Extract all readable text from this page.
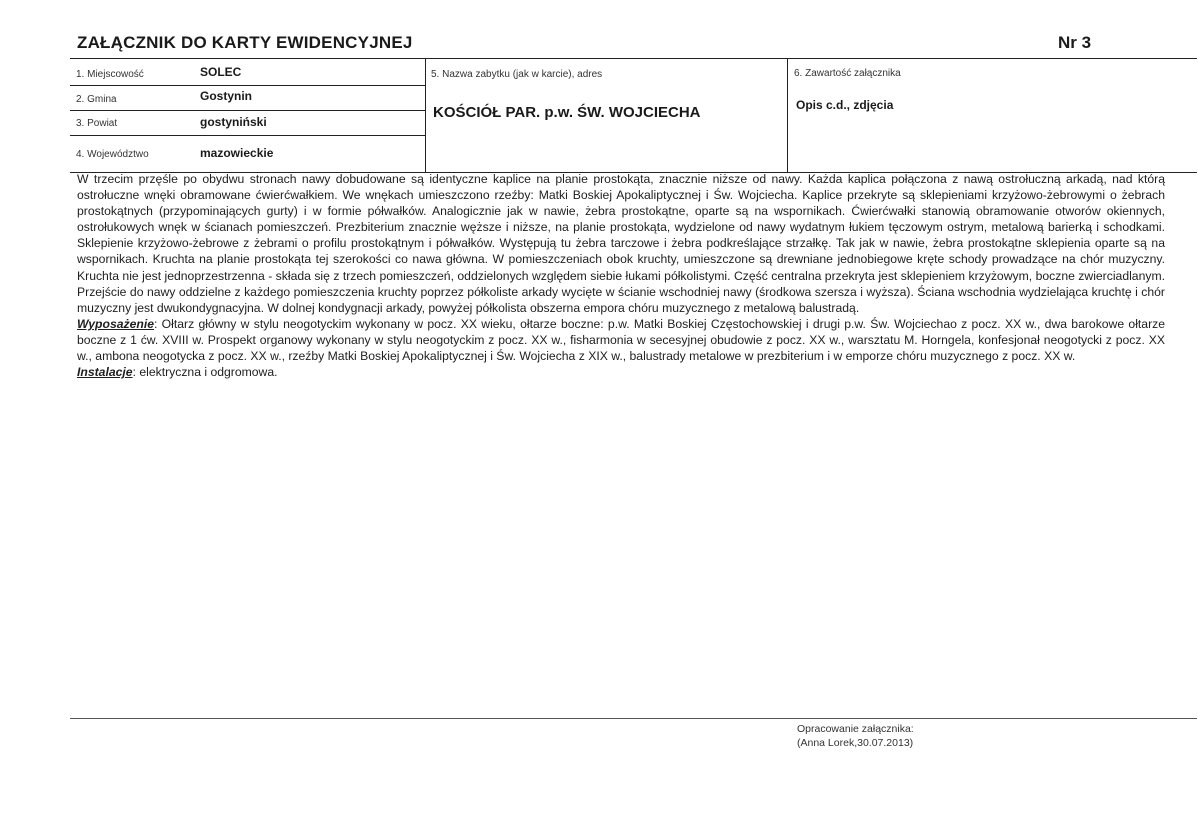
ZAŁĄCZNIK DO KARTY EWIDENCYJNEJ	Nr 3
1. Miejscowość	SOLEC
2. Gmina	Gostynin
3. Powiat	gostyniński
4. Województwo	mazowieckie
5. Nazwa zabytku (jak w karcie), adres
KOŚCIÓŁ PAR. p.w. ŚW. WOJCIECHA
6. Zawartość załącznika
Opis c.d., zdjęcia

W trzecim przęśle po obydwu stronach nawy dobudowane są identyczne kaplice na planie prostokąta, znacznie niższe od nawy. Każda kaplica połączona z nawą ostrołuczną arkadą, nad którą ostrołuczne wnęki obramowane ćwierćwałkiem. We wnękach umieszczono rzeźby: Matki Boskiej Apokaliptycznej i Św. Wojciecha. Kaplice przekryte są sklepieniami krzyżowo-żebrowymi o żebrach prostokątnych (przypominających gurty) i w formie półwałków. Analogicznie jak w nawie, żebra prostokątne, oparte są na wspornikach. Ćwierćwałki stanowią obramowanie otworów okiennych, ostrołukowych wnęk w ścianach pomieszczeń. Prezbiterium znacznie węższe i niższe, na planie prostokąta, wydzielone od nawy wydatnym łukiem tęczowym ostrym, metalową barierką i schodkami. Sklepienie krzyżowo-żebrowe z żebrami o profilu prostokątnym i półwałków. Występują tu żebra tarczowe i żebra podkreślające strzałkę. Tak jak w nawie, żebra prostokątne sklepienia oparte są na wspornikach. Kruchta na planie prostokąta tej szerokości co nawa główna. W pomieszczeniach obok kruchty, umieszczone są drewniane jednobiegowe kręte schody prowadzące na chór muzyczny. Kruchta nie jest jednoprzestrzenna - składa się z trzech pomieszczeń, oddzielonych względem siebie łukami półkolistymi. Część centralna przekryta jest sklepieniem krzyżowym, boczne zwierciadlanym. Przejście do nawy oddzielne z każdego pomieszczenia kruchty poprzez półkoliste arkady wycięte w ścianie wschodniej nawy (środkowa szersza i wyższa). Ściana wschodnia wydzielająca kruchtę i chór muzyczny jest dwukondygnacyjna. W dolnej kondygnacji arkady, powyżej półkolista obszerna empora chóru muzycznego z metalową balustradą.

Wyposażenie: Ołtarz główny w stylu neogotyckim wykonany w pocz. XX wieku, ołtarze boczne: p.w. Matki Boskiej Częstochowskiej i drugi p.w. Św. Wojciechao z pocz. XX w., dwa barokowe ołtarze boczne z 1 ćw. XVIII w. Prospekt organowy wykonany w stylu neogotyckim z pocz. XX w., fisharmonia w secesyjnej obudowie z pocz. XX w., warsztatu M. Horngela, konfesjonał neogotycki z pocz. XX w., ambona neogotycka z pocz. XX w., rzeźby Matki Boskiej Apokaliptycznej i Św. Wojciecha z XIX w., balustrady metalowe w prezbiterium i w emporze chóru muzycznego z pocz. XX w.

Instalacje: elektryczna i odgromowa.

Opracowanie załącznika:
(Anna Lorek,30.07.2013)
